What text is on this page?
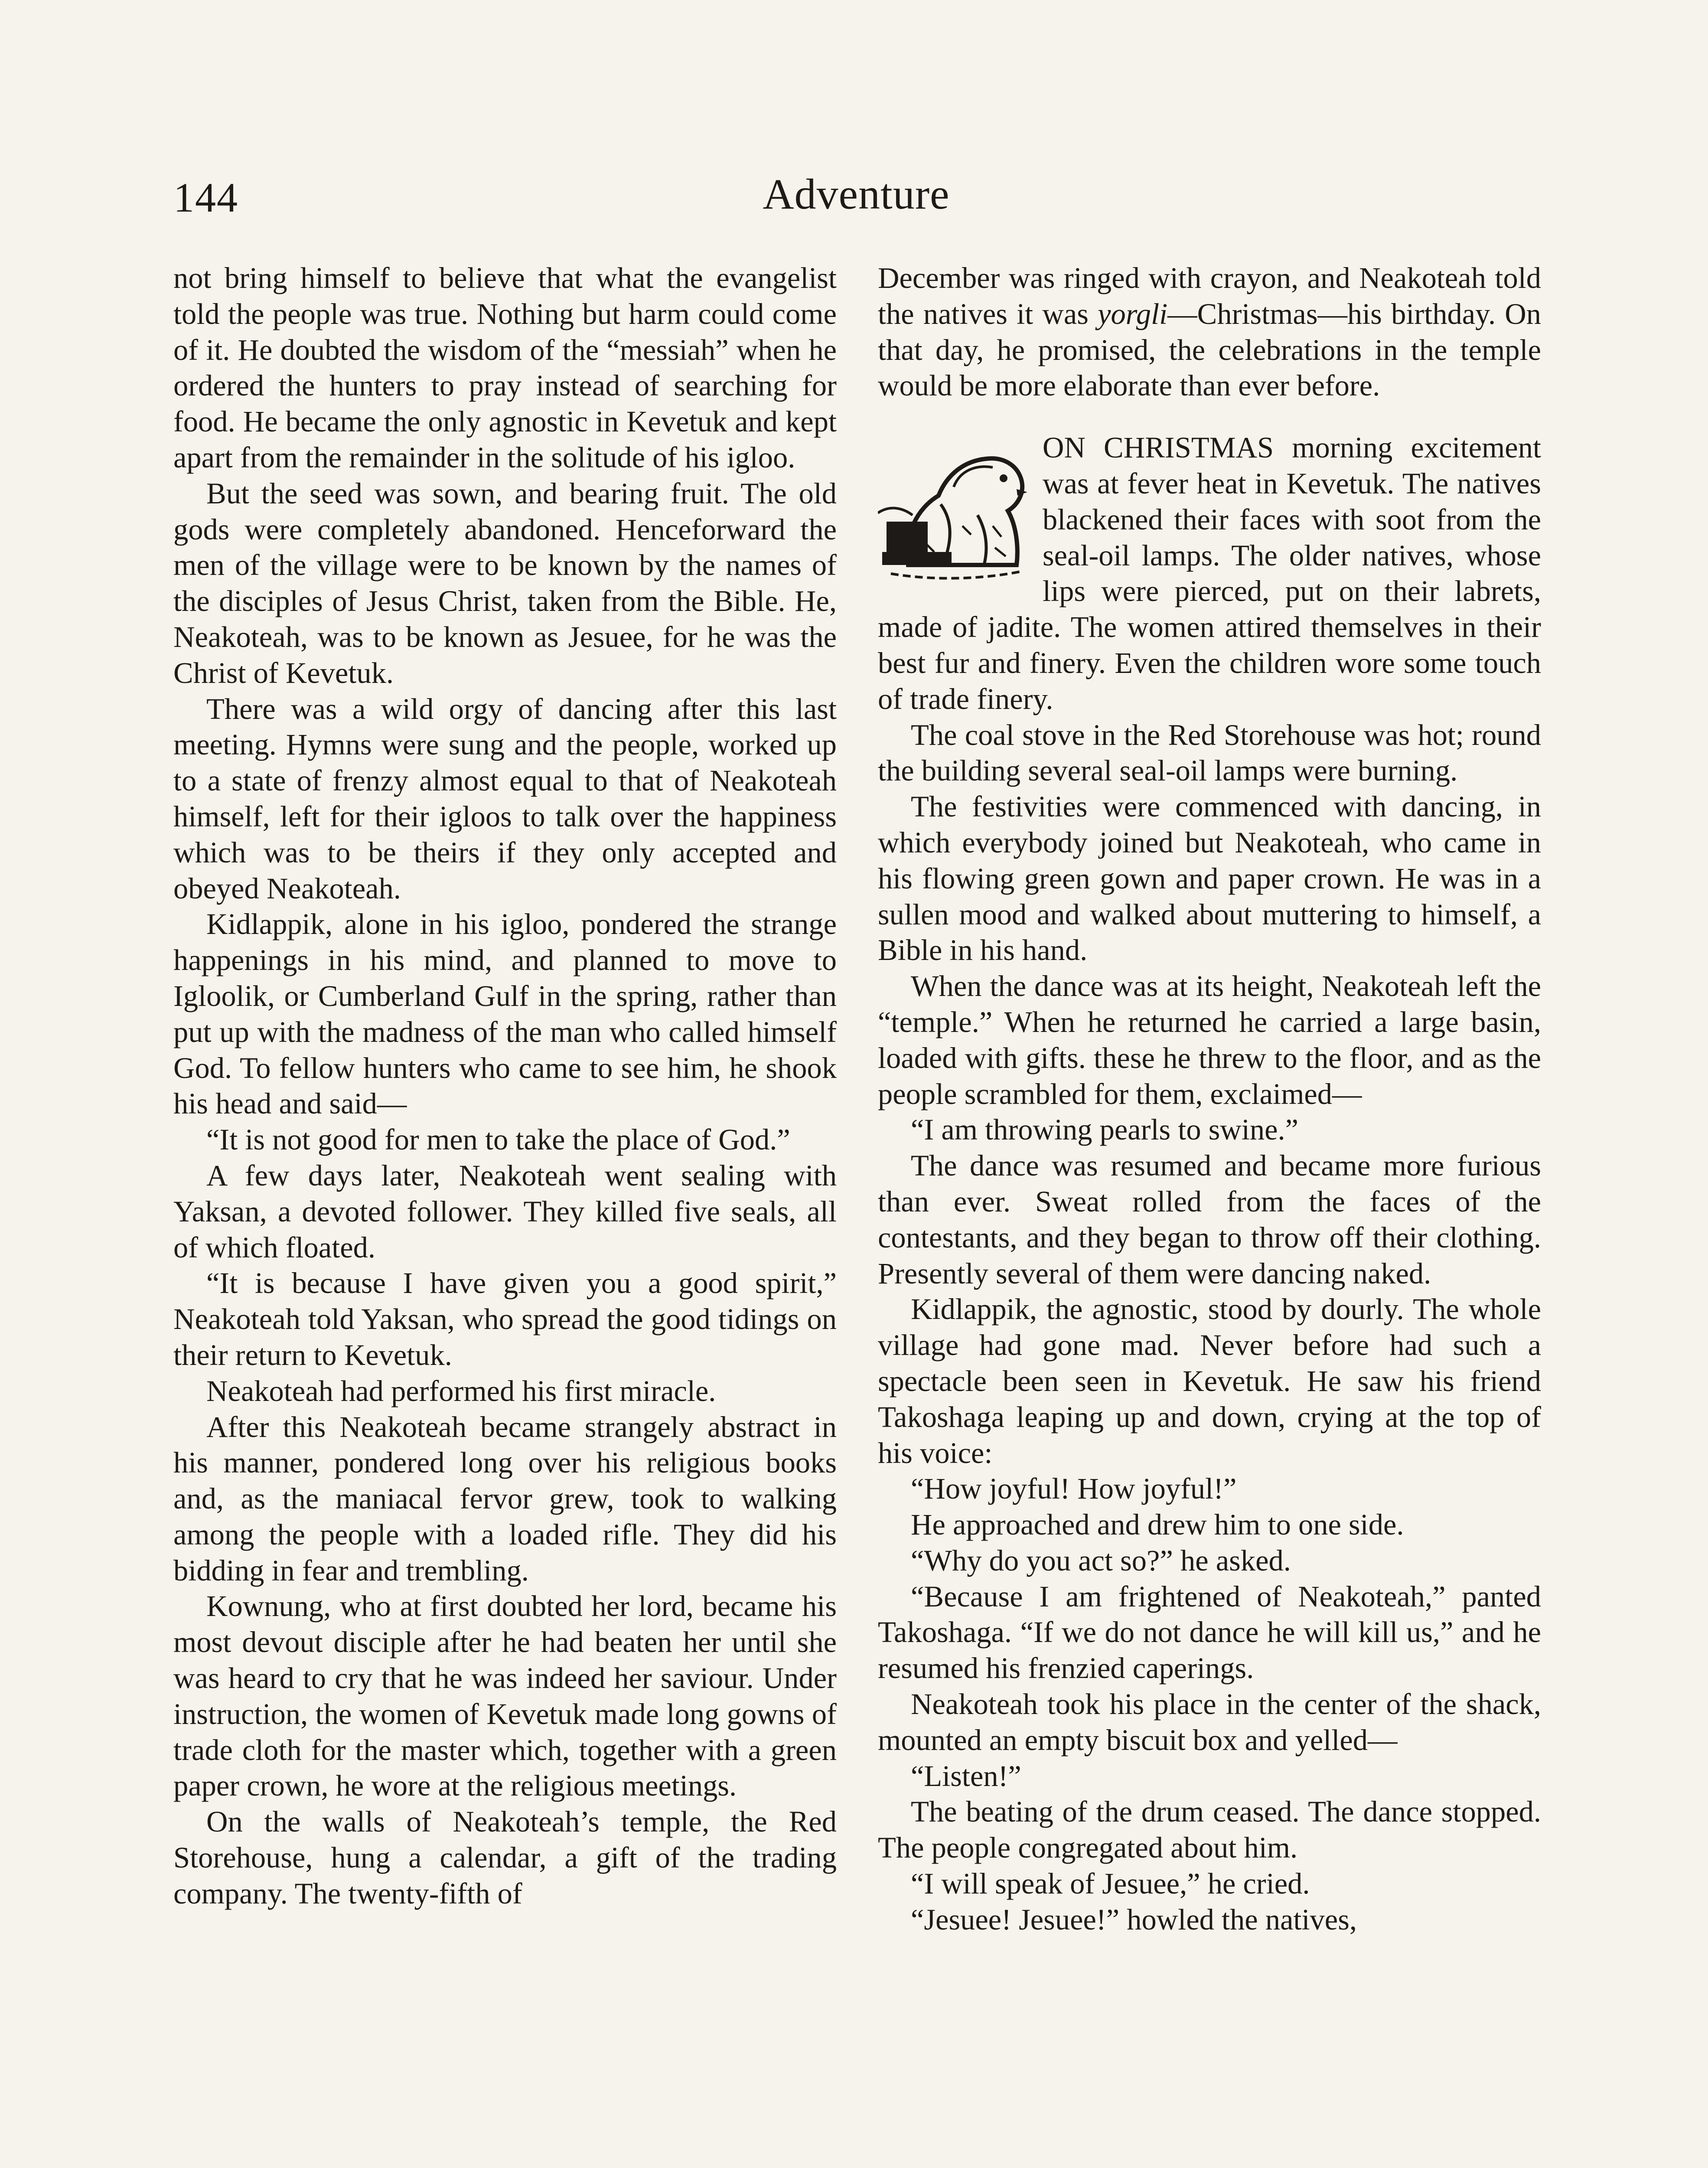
144	Adventure

not bring himself to believe that what the evangelist told the people was true. Nothing but harm could come of it. He doubted the wisdom of the “messiah” when he ordered the hunters to pray instead of searching for food. He became the only agnostic in Kevetuk and kept apart from the remainder in the solitude of his igloo.

But the seed was sown, and bearing fruit. The old gods were completely abandoned. Henceforward the men of the village were to be known by the names of the disciples of Jesus Christ, taken from the Bible. He, Neakoteah, was to be known as Jesuee, for he was the Christ of Kevetuk.

There was a wild orgy of dancing after this last meeting. Hymns were sung and the people, worked up to a state of frenzy almost equal to that of Neakoteah himself, left for their igloos to talk over the happiness which was to be theirs if they only accepted and obeyed Neakoteah.

Kidlappik, alone in his igloo, pondered the strange happenings in his mind, and planned to move to Igloolik, or Cumberland Gulf in the spring, rather than put up with the madness of the man who called himself God. To fellow hunters who came to see him, he shook his head and said—

“It is not good for men to take the place of God.”

A few days later, Neakoteah went sealing with Yaksan, a devoted follower. They killed five seals, all of which floated.

“It is because I have given you a good spirit,” Neakoteah told Yaksan, who spread the good tidings on their return to Kevetuk.

Neakoteah had performed his first miracle.

After this Neakoteah became strangely abstract in his manner, pondered long over his religious books and, as the maniacal fervor grew, took to walking among the people with a loaded rifle. They did his bidding in fear and trembling.

Kownung, who at first doubted her lord, became his most devout disciple after he had beaten her until she was heard to cry that he was indeed her saviour. Under instruction, the women of Kevetuk made long gowns of trade cloth for the master which, together with a green paper crown, he wore at the religious meetings.

On the walls of Neakoteah’s temple, the Red Storehouse, hung a calendar, a gift of the trading company. The twenty-fifth of

December was ringed with crayon, and Neakoteah told the natives it was yorgli—Christmas—his birthday. On that day, he promised, the celebrations in the temple would be more elaborate than ever before.

ON CHRISTMAS morning excitement was at fever heat in Kevetuk. The natives blackened their faces with soot from the seal-oil lamps. The older natives, whose lips were pierced, put on their labrets, made of jadite. The women attired themselves in their best fur and finery. Even the children wore some touch of trade finery.

The coal stove in the Red Storehouse was hot; round the building several seal-oil lamps were burning.

The festivities were commenced with dancing, in which everybody joined but Neakoteah, who came in his flowing green gown and paper crown. He was in a sullen mood and walked about muttering to himself, a Bible in his hand.

When the dance was at its height, Neakoteah left the “temple.” When he returned he carried a large basin, loaded with gifts. these he threw to the floor, and as the people scrambled for them, exclaimed—

“I am throwing pearls to swine.”

The dance was resumed and became more furious than ever. Sweat rolled from the faces of the contestants, and they began to throw off their clothing. Presently several of them were dancing naked.

Kidlappik, the agnostic, stood by dourly. The whole village had gone mad. Never before had such a spectacle been seen in Kevetuk. He saw his friend Takoshaga leaping up and down, crying at the top of his voice:

“How joyful! How joyful!”

He approached and drew him to one side.

“Why do you act so?” he asked.

“Because I am frightened of Neakoteah,” panted Takoshaga. “If we do not dance he will kill us,” and he resumed his frenzied caperings.

Neakoteah took his place in the center of the shack, mounted an empty biscuit box and yelled—

“Listen!”

The beating of the drum ceased. The dance stopped. The people congregated about him.

“I will speak of Jesuee,” he cried.

“Jesuee! Jesuee!” howled the natives,
